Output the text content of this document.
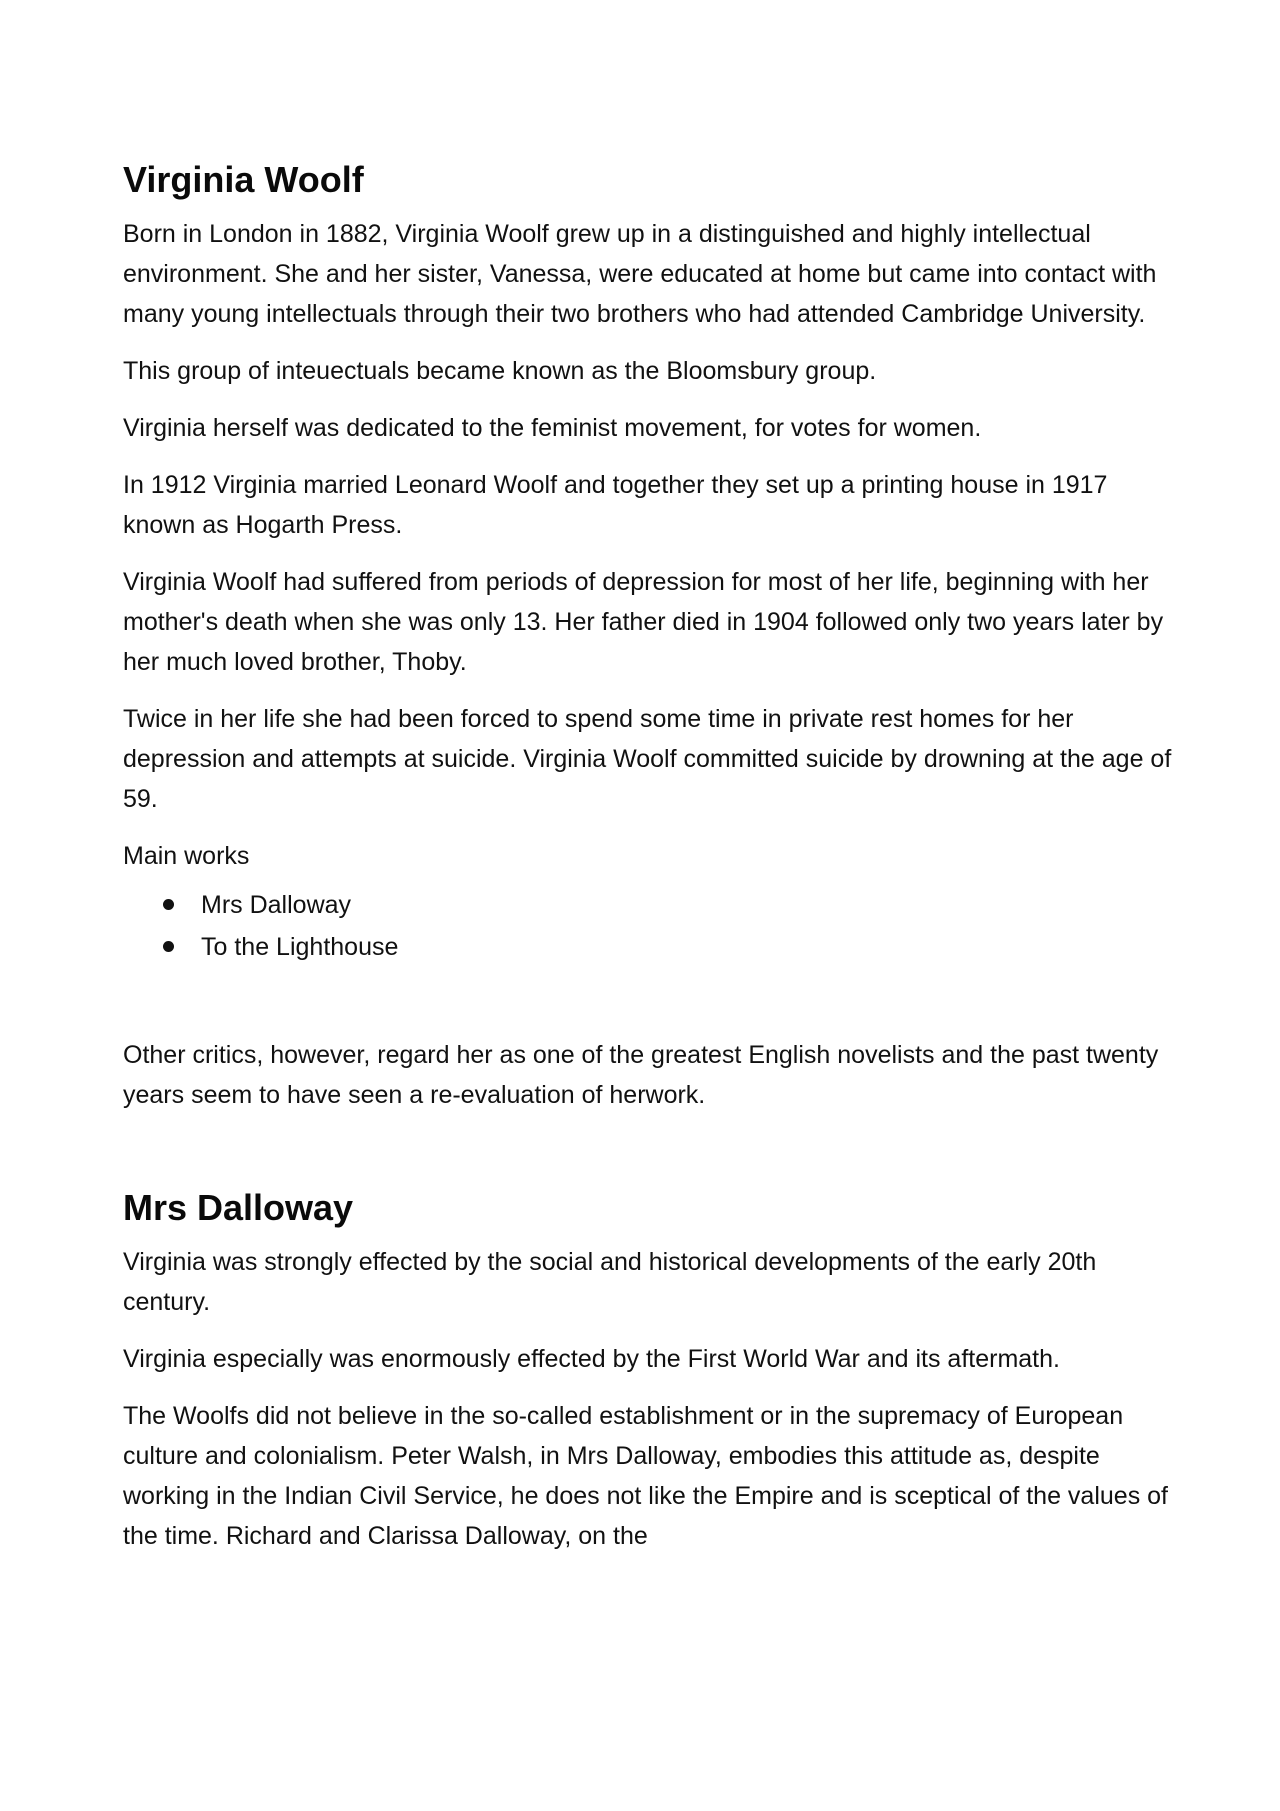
Virginia Woolf

Born in London in 1882, Virginia Woolf grew up in a distinguished and highly intellectual environment. She and her sister, Vanessa, were educated at home but came into contact with many young intellectuals through their two brothers who had attended Cambridge University.

This group of inteuectuals became known as the Bloomsbury group.

Virginia herself was dedicated to the feminist movement, for votes for women.

In 1912 Virginia married Leonard Woolf and together they set up a printing house in 1917 known as Hogarth Press.

Virginia Woolf had suffered from periods of depression for most of her life, beginning with her mother's death when she was only 13. Her father died in 1904 followed only two years later by her much loved brother, Thoby.

Twice in her life she had been forced to spend some time in private rest homes for her depression and attempts at suicide. Virginia Woolf committed suicide by drowning at the age of 59.

Main works

Mrs Dalloway
To the Lighthouse

Other critics, however, regard her as one of the greatest English novelists and the past twenty years seem to have seen a re-evaluation of herwork.

Mrs Dalloway

Virginia was strongly effected by the social and historical developments of the early 20th century.

Virginia especially was enormously effected by the First World War and its aftermath.

The Woolfs did not believe in the so-called establishment or in the supremacy of European culture and colonialism. Peter Walsh, in Mrs Dalloway, embodies this attitude as, despite working in the Indian Civil Service, he does not like the Empire and is sceptical of the values of the time. Richard and Clarissa Dalloway, on the
